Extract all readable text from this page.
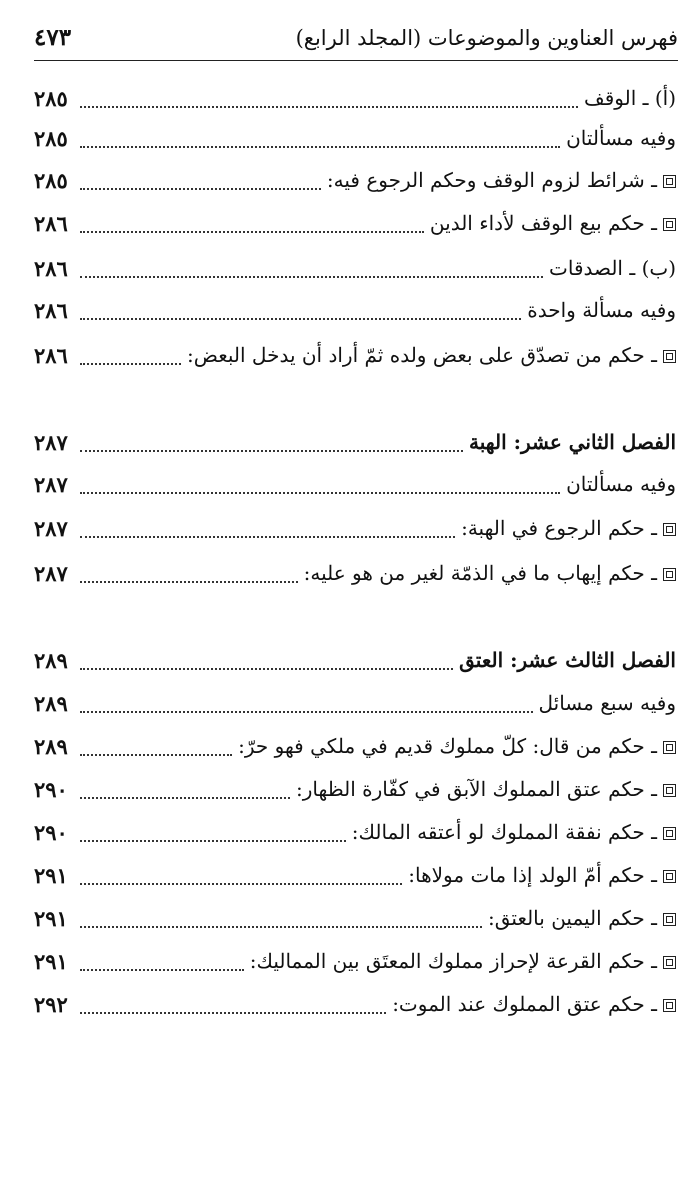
فهرس العناوين والموضوعات (المجلد الرابع)
٤٧٣
(أ) ـ الوقف
٢٨٥
وفيه مسألتان
٢٨٥
ـ شرائط لزوم الوقف وحكم الرجوع فيه:
٢٨٥
ـ حكم بيع الوقف لأداء الدين
٢٨٦
(ب) ـ الصدقات
٢٨٦
وفيه مسألة واحدة
٢٨٦
ـ حكم من تصدّق على بعض ولده ثمّ أراد أن يدخل البعض:
٢٨٦
الفصل الثاني عشر: الهبة
٢٨٧
وفيه مسألتان
٢٨٧
ـ حكم الرجوع في الهبة:
٢٨٧
ـ حكم إيهاب ما في الذمّة لغير من هو عليه:
٢٨٧
الفصل الثالث عشر: العتق
٢٨٩
وفيه سبع مسائل
٢٨٩
ـ حكم من قال: كلّ مملوك قديم في ملكي فهو حرّ:
٢٨٩
ـ حكم عتق المملوك الآبق في كفّارة الظهار:
٢٩٠
ـ حكم نفقة المملوك لو أعتقه المالك:
٢٩٠
ـ حكم أمّ الولد إذا مات مولاها:
٢٩١
ـ حكم اليمين بالعتق:
٢٩١
ـ حكم القرعة لإحراز مملوك المعتَق بين المماليك:
٢٩١
ـ حكم عتق المملوك عند الموت:
٢٩٢
